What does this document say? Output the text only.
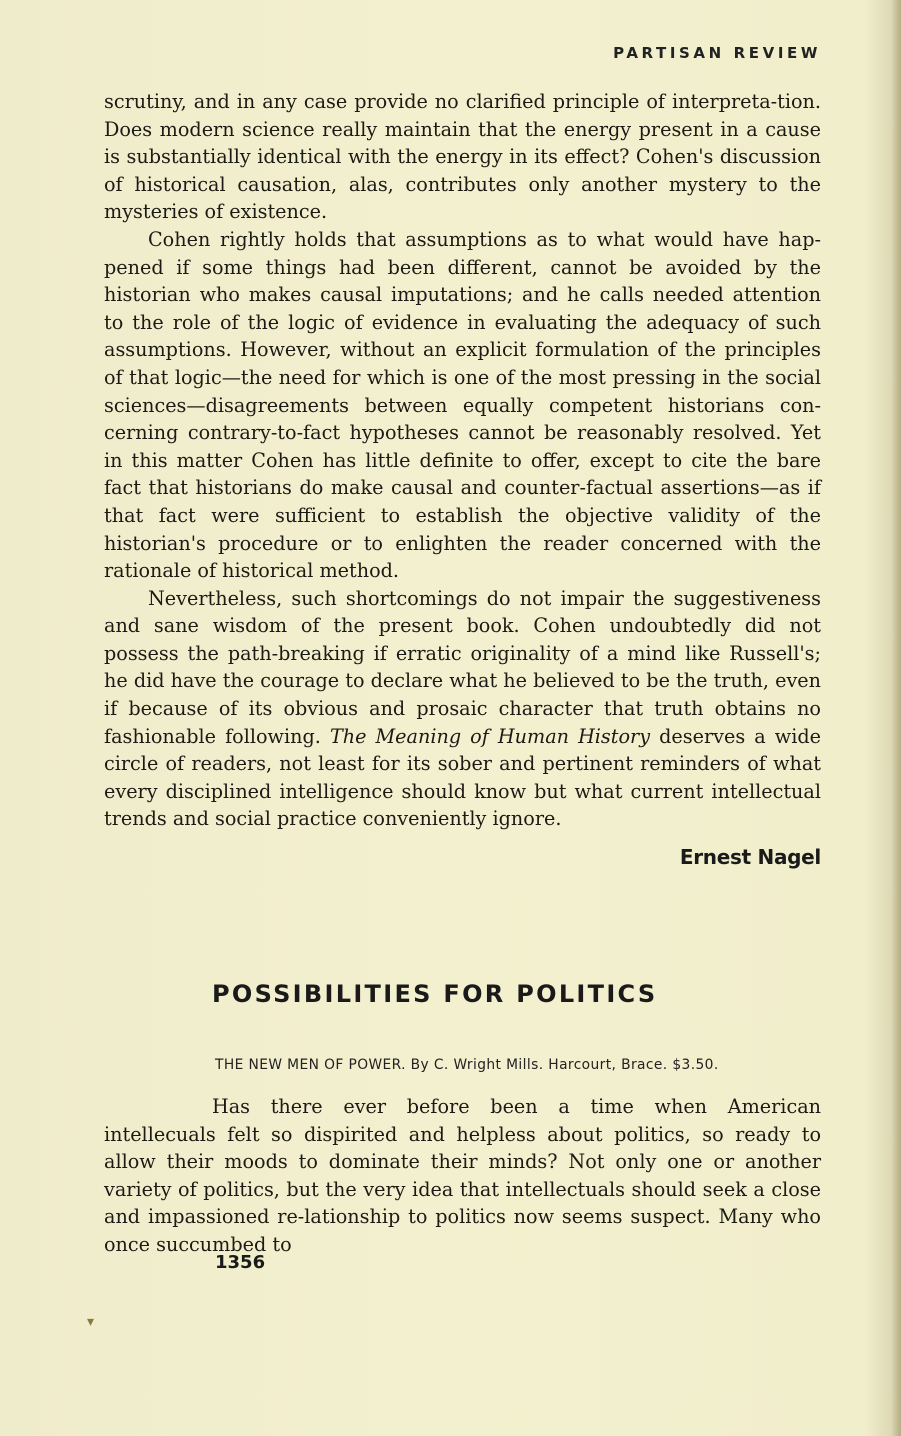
PARTISAN REVIEW

scrutiny, and in any case provide no clarified principle of interpreta-tion. Does modern science really maintain that the energy present in a cause is substantially identical with the energy in its effect? Cohen's discussion of historical causation, alas, contributes only another mystery to the mysteries of existence.

Cohen rightly holds that assumptions as to what would have hap-pened if some things had been different, cannot be avoided by the historian who makes causal imputations; and he calls needed attention to the role of the logic of evidence in evaluating the adequacy of such assumptions. However, without an explicit formulation of the principles of that logic—the need for which is one of the most pressing in the social sciences—disagreements between equally competent historians con-cerning contrary-to-fact hypotheses cannot be reasonably resolved. Yet in this matter Cohen has little definite to offer, except to cite the bare fact that historians do make causal and counter-factual assertions—as if that fact were sufficient to establish the objective validity of the historian's procedure or to enlighten the reader concerned with the rationale of historical method.

Nevertheless, such shortcomings do not impair the suggestiveness and sane wisdom of the present book. Cohen undoubtedly did not possess the path-breaking if erratic originality of a mind like Russell's; he did have the courage to declare what he believed to be the truth, even if because of its obvious and prosaic character that truth obtains no fashionable following. The Meaning of Human History deserves a wide circle of readers, not least for its sober and pertinent reminders of what every disciplined intelligence should know but what current intellectual trends and social practice conveniently ignore.

Ernest Nagel
POSSIBILITIES FOR POLITICS
THE NEW MEN OF POWER. By C. Wright Mills. Harcourt, Brace. $3.50.

Has there ever before been a time when American intellecuals felt so dispirited and helpless about politics, so ready to allow their moods to dominate their minds? Not only one or another variety of politics, but the very idea that intellectuals should seek a close and impassioned re-lationship to politics now seems suspect. Many who once succumbed to

1356
▾
